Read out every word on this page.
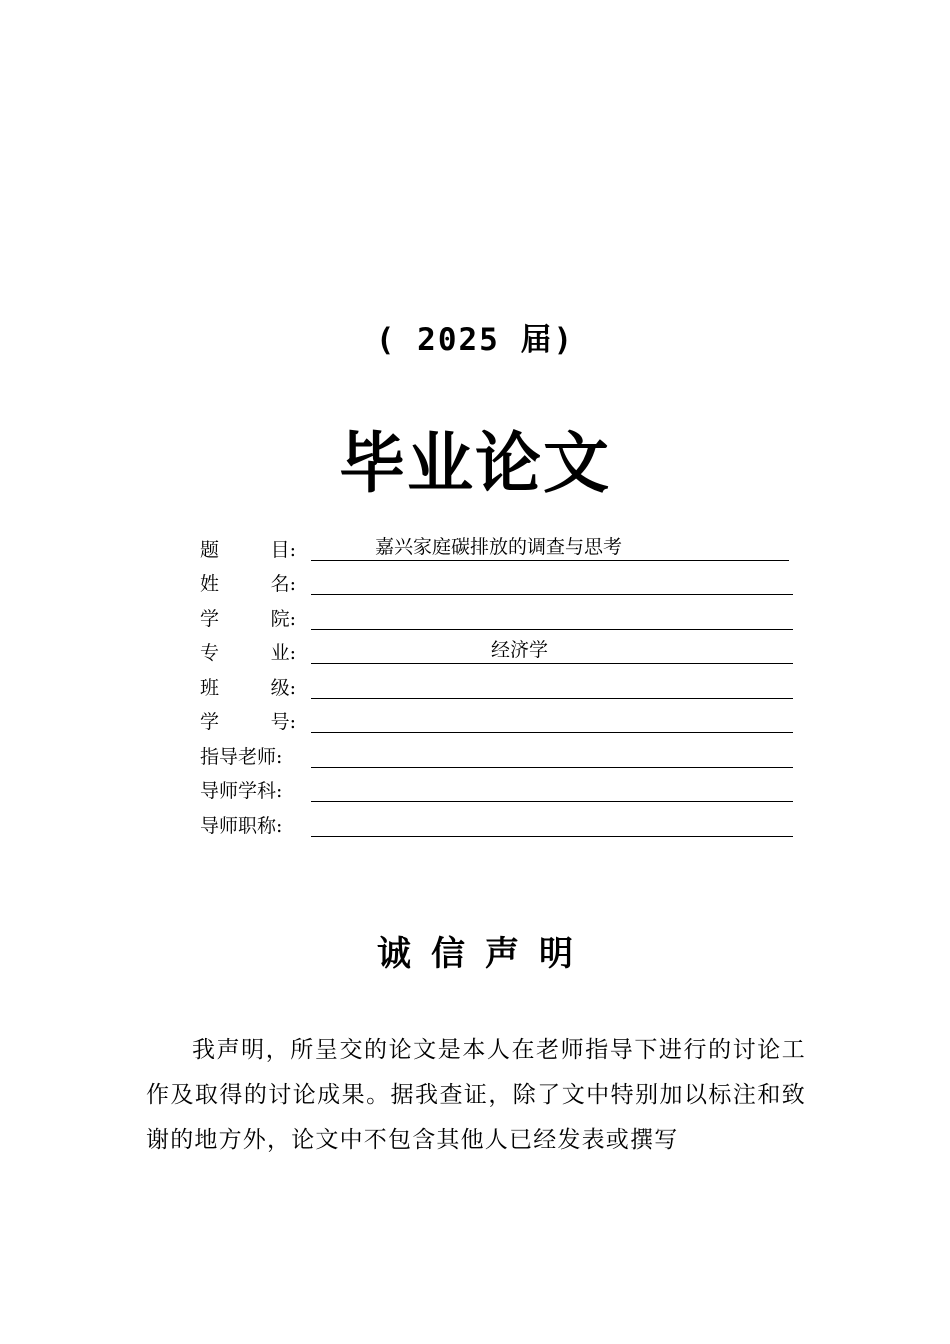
( 2025 届)
毕业论文
题	目:	嘉兴家庭碳排放的调查与思考
姓	名:
学	院:
专	业:	经济学
班	级:
学	号:
指导老师:
导师学科:
导师职称:
诚信声明
我声明，所呈交的论文是本人在老师指导下进行的讨论工作及取得的讨论成果。据我查证，除了文中特别加以标注和致谢的地方外，论文中不包含其他人已经发表或撰写
